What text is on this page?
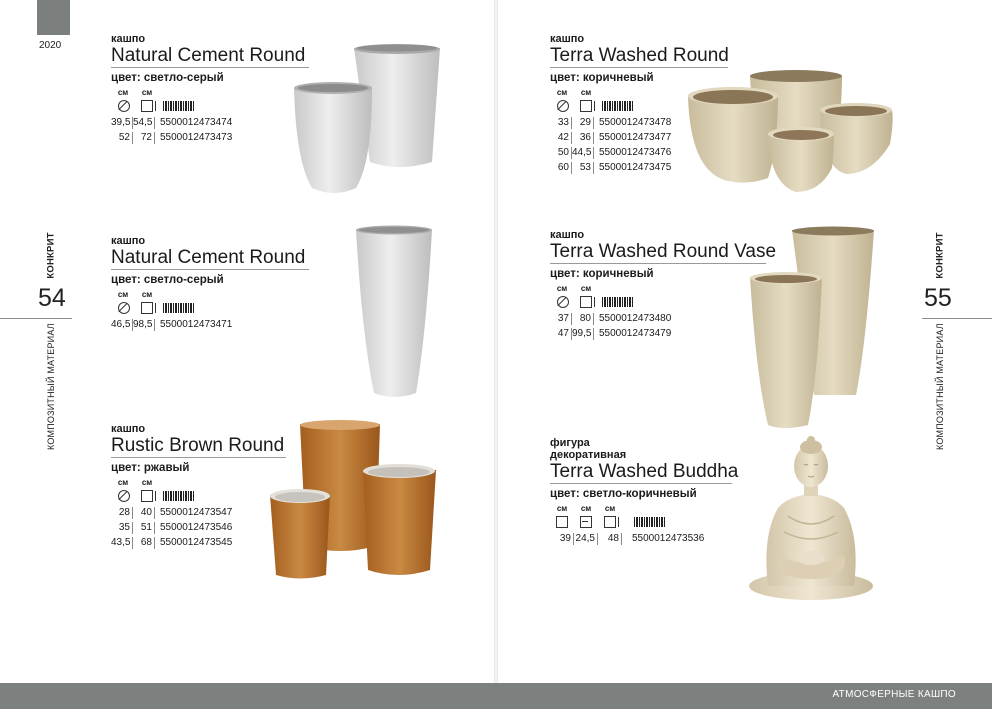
2020
54
КОНКРИТ
КОМПОЗИТНЫЙ МАТЕРИАЛ
кашпо
Natural Cement Round
цвет: светло-серый
см см
39,5 54,5 5500012473474
52	72 5500012473473
кашпо
Natural Cement Round
цвет: светло-серый
см см
46,5 98,5 5500012473471
кашпо
Rustic Brown Round
цвет: ржавый
см см
28	40 5500012473547
35	51 5500012473546
43,5	68 5500012473545
55
КОНКРИТ
КОМПОЗИТНЫЙ МАТЕРИАЛ
кашпо
Terra Washed Round
цвет: коричневый
см см
33	29 5500012473478
42	36 5500012473477
50 44,5 5500012473476
60	53 5500012473475
кашпо
Terra Washed Round Vase
цвет: коричневый
см см
37	80 5500012473480
47 99,5 5500012473479
фигура
декоративная
Terra Washed Buddha
цвет: светло-коричневый
см см см
39 24,5	48	5500012473536
АТМОСФЕРНЫЕ КАШПО
